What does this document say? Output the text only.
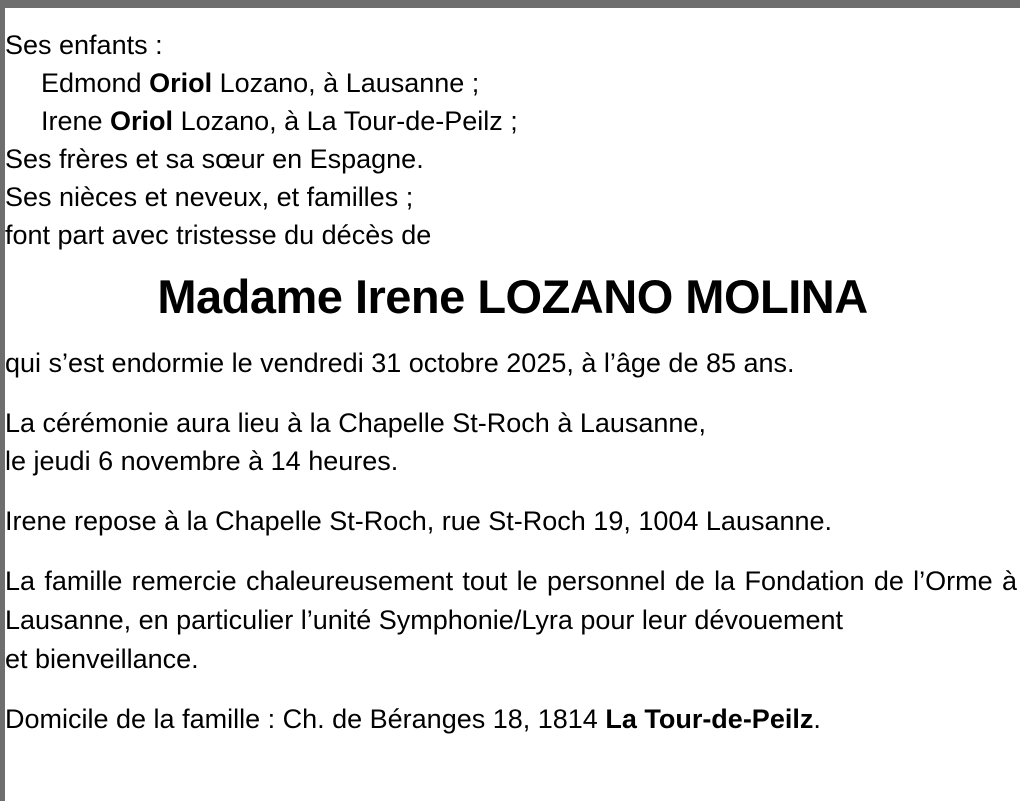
Ses enfants :
Edmond Oriol Lozano, à Lausanne ;
Irene Oriol Lozano, à La Tour-de-Peilz ;
Ses frères et sa sœur en Espagne.
Ses nièces et neveux, et familles ;
font part avec tristesse du décès de
Madame Irene LOZANO MOLINA
qui s’est endormie le vendredi 31 octobre 2025, à l’âge de 85 ans.
La cérémonie aura lieu à la Chapelle St-Roch à Lausanne,
le jeudi 6 novembre à 14 heures.
Irene repose à la Chapelle St-Roch, rue St-Roch 19, 1004 Lausanne.
La famille remercie chaleureusement tout le personnel de la Fondation de l’Orme à Lausanne, en particulier l’unité Symphonie/Lyra pour leur dévouement
et bienveillance.
Domicile de la famille : Ch. de Béranges 18, 1814 La Tour-de-Peilz.
